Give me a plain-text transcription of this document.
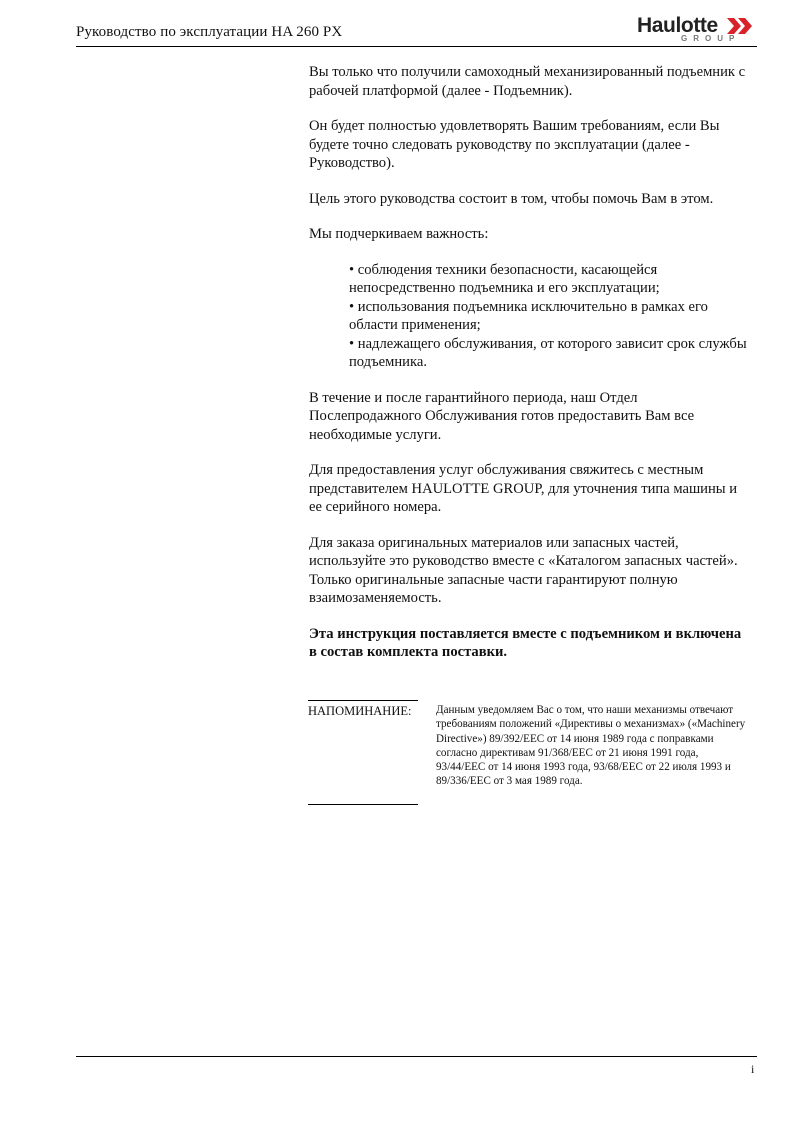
Руководство по эксплуатации HA 260 PX	Haulotte
GROUP

Вы только что получили самоходный механизированный подъемник с рабочей платформой (далее - Подъемник).

Он будет полностью удовлетворять Вашим требованиям, если Вы будете точно следовать руководству по эксплуатации (далее - Руководство).

Цель этого руководства состоит в том, чтобы помочь Вам в этом.

Мы подчеркиваем важность:

• соблюдения техники безопасности, касающейся непосредственно подъемника и его эксплуатации;
• использования подъемника исключительно в рамках его области применения;
• надлежащего обслуживания, от которого зависит срок службы подъемника.

В течение и после гарантийного периода, наш Отдел Послепродажного Обслуживания готов предоставить Вам все необходимые услуги.

Для предоставления услуг обслуживания свяжитесь с местным представителем HAULOTTE GROUP, для уточнения типа машины и ее серийного номера.

Для заказа оригинальных материалов или запасных частей, используйте это руководство вместе с «Каталогом запасных частей». Только оригинальные запасные части гарантируют полную взаимозаменяемость.

Эта инструкция поставляется вместе с подъемником и включена в состав комплекта поставки.

НАПОМИНАНИЕ: Данным уведомляем Вас о том, что наши механизмы отвечают требованиям положений «Директивы о механизмах» («Machinery Directive») 89/392/EEC от 14 июня 1989 года с поправками согласно директивам 91/368/EEC от 21 июня 1991 года, 93/44/EEC от 14 июня 1993 года, 93/68/EEC от 22 июля 1993 и 89/336/EEC от 3 мая 1989 года.
i
